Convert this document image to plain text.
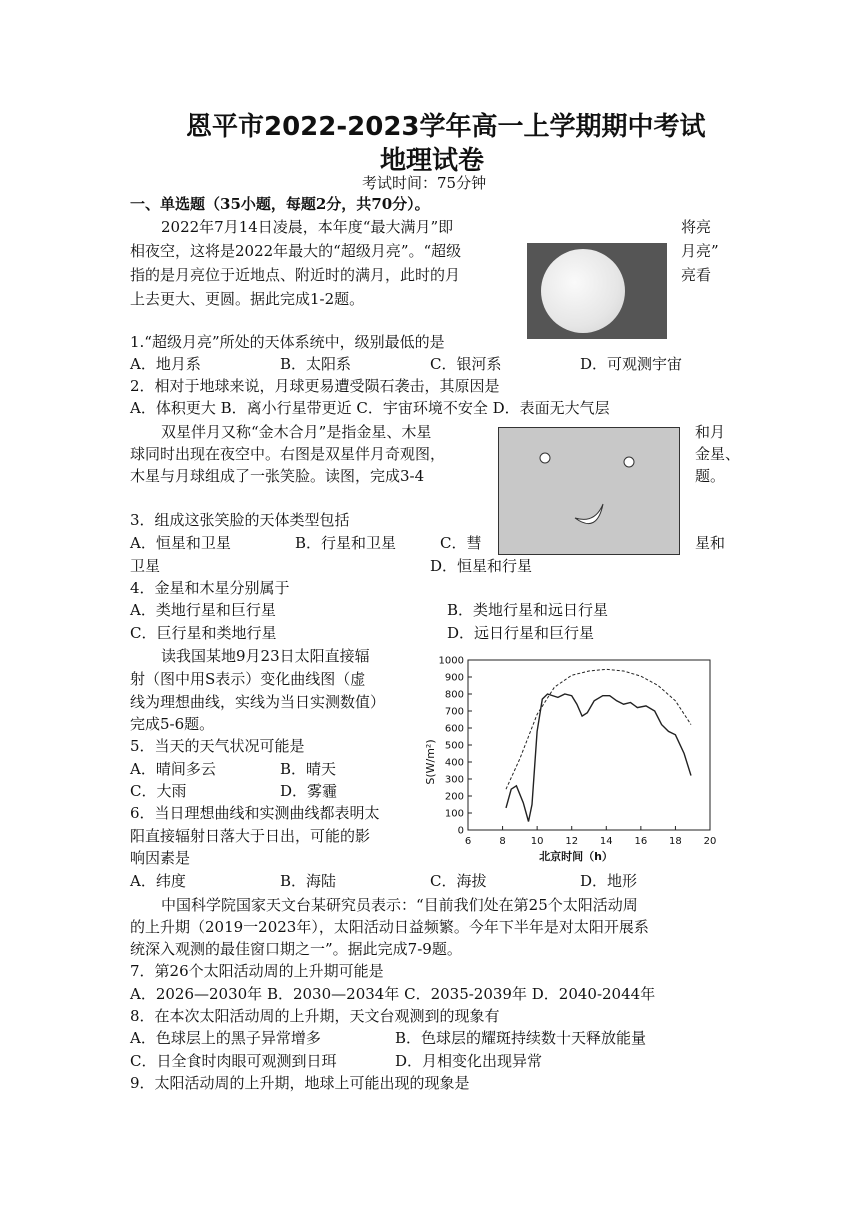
恩平市2022-2023学年高一上学期期中考试
地理试卷
考试时间：75分钟
一、单选题（35小题，每题2分，共70分）。
2022年7月14日凌晨，本年度“最大满月”即	将亮
相夜空，这将是2022年最大的“超级月亮”。“超级	月亮”
指的是月亮位于近地点、附近时的满月，此时的月	亮看
上去更大、更圆。据此完成1-2题。
1.“超级月亮”所处的天体系统中，级别最低的是
A．地月系	B．太阳系	C．银河系	D．可观测宇宙
2．相对于地球来说，月球更易遭受陨石袭击，其原因是
A．体积更大 B．离小行星带更近 C．宇宙环境不安全 D．表面无大气层
双星伴月又称“金木合月”是指金星、木星	和月
球同时出现在夜空中。右图是双星伴月奇观图，	金星、
木星与月球组成了一张笑脸。读图，完成3-4	题。
3．组成这张笑脸的天体类型包括
A．恒星和卫星	B．行星和卫星	C．彗	星和
卫星	D．恒星和行星
4．金星和木星分别属于
A．类地行星和巨行星	B．类地行星和远日行星
C．巨行星和类地行星	D．远日行星和巨行星
读我国某地9月23日太阳直接辐
射（图中用S表示）变化曲线图（虚
线为理想曲线，实线为当日实测数值）
完成5-6题。
5．当天的天气状况可能是
A．晴间多云	B．晴天
C．大雨	D．雾霾
6．当日理想曲线和实测曲线都表明太
阳直接辐射日落大于日出，可能的影
响因素是
A．纬度	B．海陆	C．海拔	D．地形
S(W/m²)
北京时间（h）
0
100
200
300
400
500
600
700
800
900
1000
6	8	10 12 14 16 18 20
中国科学院国家天文台某研究员表示：“目前我们处在第25个太阳活动周
的上升期（2019一2023年），太阳活动日益频繁。今年下半年是对太阳开展系
统深入观测的最佳窗口期之一”。据此完成7-9题。
7．第26个太阳活动周的上升期可能是
A．2026—2030年 B．2030—2034年 C．2035-2039年 D．2040-2044年
8．在本次太阳活动周的上升期，天文台观测到的现象有
A．色球层上的黑子异常增多	B．色球层的耀斑持续数十天释放能量
C．日全食时肉眼可观测到日珥	D．月相变化出现异常
9．太阳活动周的上升期，地球上可能出现的现象是
